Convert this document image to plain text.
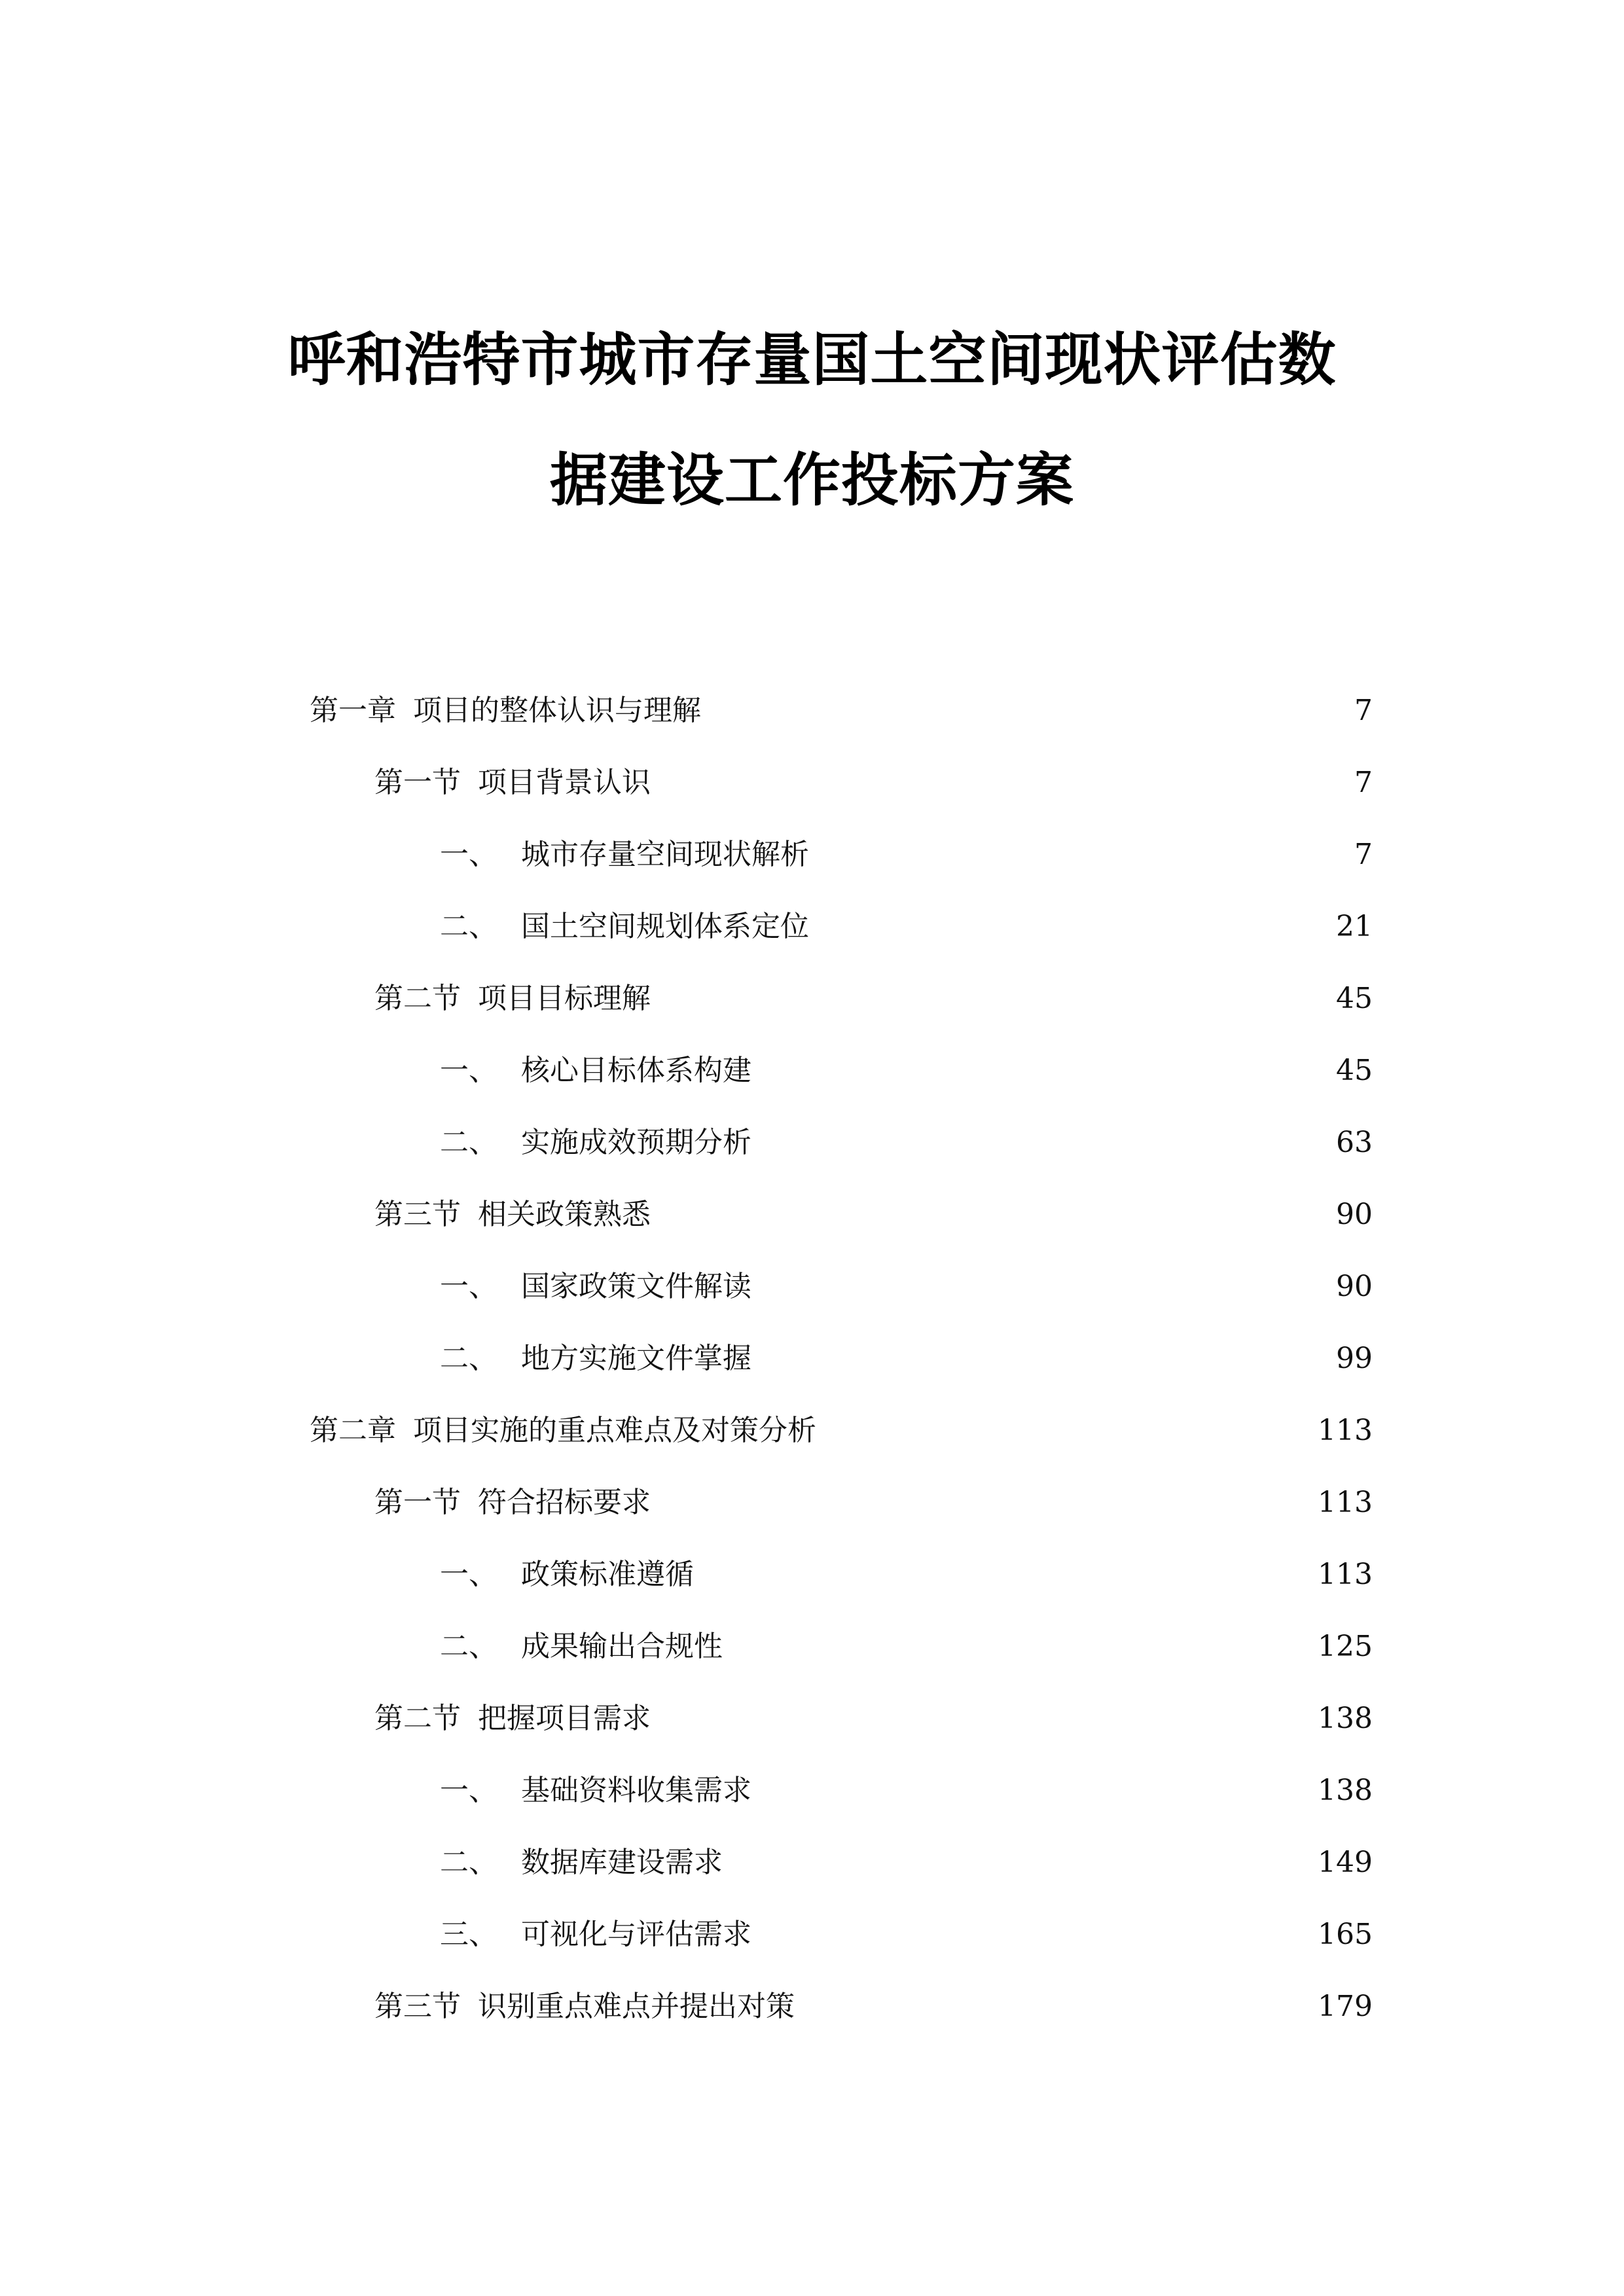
呼和浩特市城市存量国土空间现状评估数
据建设工作投标方案
第一章 项目的整体认识与理解	7
第一节 项目背景认识	7
一、 城市存量空间现状解析	7
二、 国土空间规划体系定位	21
第二节 项目目标理解	45
一、 核心目标体系构建	45
二、 实施成效预期分析	63
第三节 相关政策熟悉	90
一、 国家政策文件解读	90
二、 地方实施文件掌握	99
第二章 项目实施的重点难点及对策分析	113
第一节 符合招标要求	113
一、 政策标准遵循	113
二、 成果输出合规性	125
第二节 把握项目需求	138
一、 基础资料收集需求	138
二、 数据库建设需求	149
三、 可视化与评估需求	165
第三节 识别重点难点并提出对策	179
